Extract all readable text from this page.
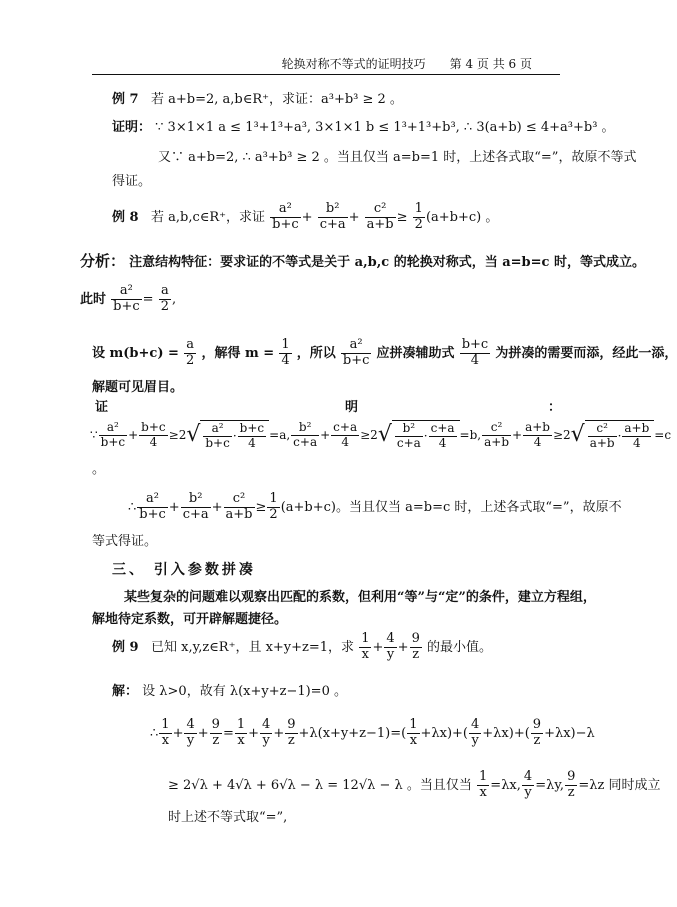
轮换对称不等式的证明技巧　　第 4 页 共 6 页
例 7 若 a+b=2, a,b∈R⁺，求证：a³+b³ ≥ 2 。
证明： ∵ 3×1×1 a ≤ 1³+1³+a³, 3×1×1 b ≤ 1³+1³+b³, ∴ 3(a+b) ≤ 4+a³+b³ 。
又∵ a+b=2, ∴ a³+b³ ≥ 2 。当且仅当 a=b=1 时，上述各式取“=”，故原不等式
得证。
例 8 若 a,b,c∈R⁺，求证 $\frac{\text{a²}}{b+c} + \frac{\text{b²}}{c+a} + \frac{\text{c²}}{a+b} \ge \frac{1}{2} (a+b+c)$ 。
分析： 注意结构特征：要求证的不等式是关于 a,b,c 的轮换对称式，当 a=b=c 时，等式成立。
此时 $\frac{\text{a²}}{b+c} = \frac{a}{2}$ ,
设 $m(b+c) = \frac{a}{2}$ ，解得 $m = \frac{1}{4}$ ，所以 $\frac{\text{a²}}{b+c}$ 应拼凑辅助式 $\frac{b+c}{4}$ 为拼凑的需要而添，经此一添，
解题可见眉目。
证	明	：
∵ $\frac{\text{a²}}{b+c} + \frac{b+c}{4} \ge 2√ \frac{\text{a²}}{b+c} \cdot \frac{b+c}{4} =a$, $\frac{\text{b²}}{c+a} + \frac{c+a}{4} \ge 2√ \frac{\text{b²}}{c+a} \cdot \frac{c+a}{4} =b$, $\frac{\text{c²}}{a+b} + \frac{a+b}{4} \ge 2√ \frac{\text{c²}}{a+b} \cdot \frac{a+b}{4} =c$
。
∴ $\frac{\text{a²}}{b+c} + \frac{\text{b²}}{c+a} + \frac{\text{c²}}{a+b} \ge \frac{1}{2} (a+b+c)$。当且仅当 a=b=c 时，上述各式取“=”，故原不
等式得证。
三、 引入参数拼凑
某些复杂的问题难以观察出匹配的系数，但利用“等”与“定”的条件，建立方程组，
解地待定系数，可开辟解题捷径。
例 9 已知 x,y,z∈R⁺，且 x+y+z=1，求 $\frac{1}{x} + \frac{4}{y} + \frac{9}{z}$ 的最小值。
解： 设 λ>0，故有 λ(x+y+z−1)=0 。
∴ $\frac{1}{x} + \frac{4}{y} + \frac{9}{z} = \frac{1}{x} + \frac{4}{y} + \frac{9}{z} +\lambda(x+y+z-1)=( \frac{1}{x} +\lambda x)+( \frac{4}{y} +\lambda x)+( \frac{9}{z} +\lambda x)-\lambda$
≥ 2√λ + 4√λ + 6√λ − λ = 12√λ − λ 。当且仅当 $\frac{1}{x} =\lambda x$, $\frac{4}{y} =\lambda y$, $\frac{9}{z} =\lambda z$ 同时成立
时上述不等式取“=”,
